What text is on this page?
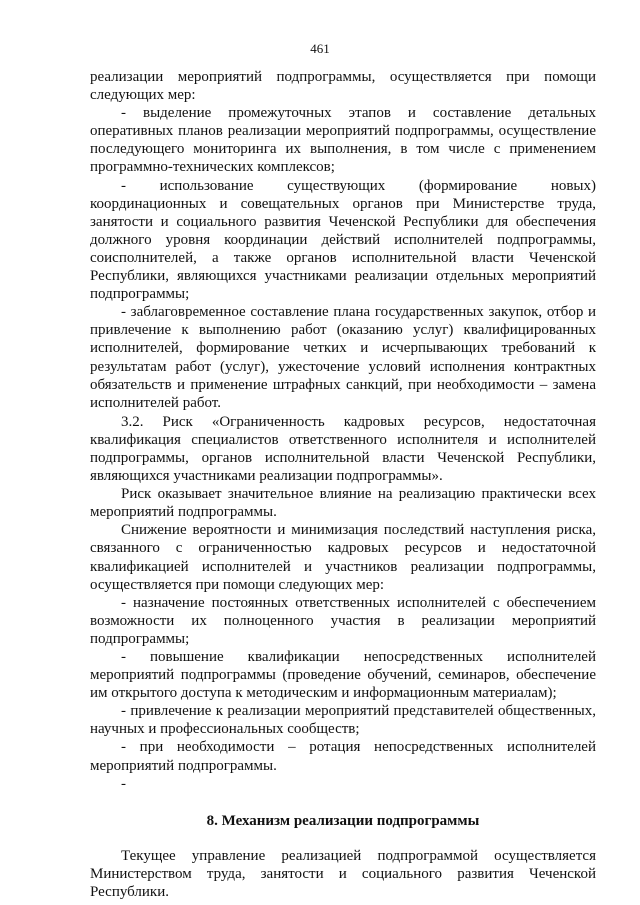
461

реализации мероприятий подпрограммы, осуществляется при помощи следующих мер:

- выделение промежуточных этапов и составление детальных оперативных планов реализации мероприятий подпрограммы, осуществление последующего мониторинга их выполнения, в том числе с применением программно-технических комплексов;

- использование существующих (формирование новых) координационных и совещательных органов при Министерстве труда, занятости и социального развития Чеченской Республики для обеспечения должного уровня координации действий исполнителей подпрограммы, соисполнителей, а также органов исполнительной власти Чеченской Республики, являющихся участниками реализации отдельных мероприятий подпрограммы;

- заблаговременное составление плана государственных закупок, отбор и привлечение к выполнению работ (оказанию услуг) квалифицированных исполнителей, формирование четких и исчерпывающих требований к результатам работ (услуг), ужесточение условий исполнения контрактных обязательств и применение штрафных санкций, при необходимости – замена исполнителей работ.

3.2. Риск «Ограниченность кадровых ресурсов, недостаточная квалификация специалистов ответственного исполнителя и исполнителей подпрограммы, органов исполнительной власти Чеченской Республики, являющихся участниками реализации подпрограммы».

Риск оказывает значительное влияние на реализацию практически всех мероприятий подпрограммы.

Снижение вероятности и минимизация последствий наступления риска, связанного с ограниченностью кадровых ресурсов и недостаточной квалификацией исполнителей и участников реализации подпрограммы, осуществляется при помощи следующих мер:

- назначение постоянных ответственных исполнителей с обеспечением возможности их полноценного участия в реализации мероприятий подпрограммы;

- повышение квалификации непосредственных исполнителей мероприятий подпрограммы (проведение обучений, семинаров, обеспечение им открытого доступа к методическим и информационным материалам);

- привлечение к реализации мероприятий представителей общественных, научных и профессиональных сообществ;

- при необходимости – ротация непосредственных исполнителей мероприятий подпрограммы.

-

8. Механизм реализации подпрограммы

Текущее управление реализацией подпрограммой осуществляется Министерством труда, занятости и социального развития Чеченской Республики.
